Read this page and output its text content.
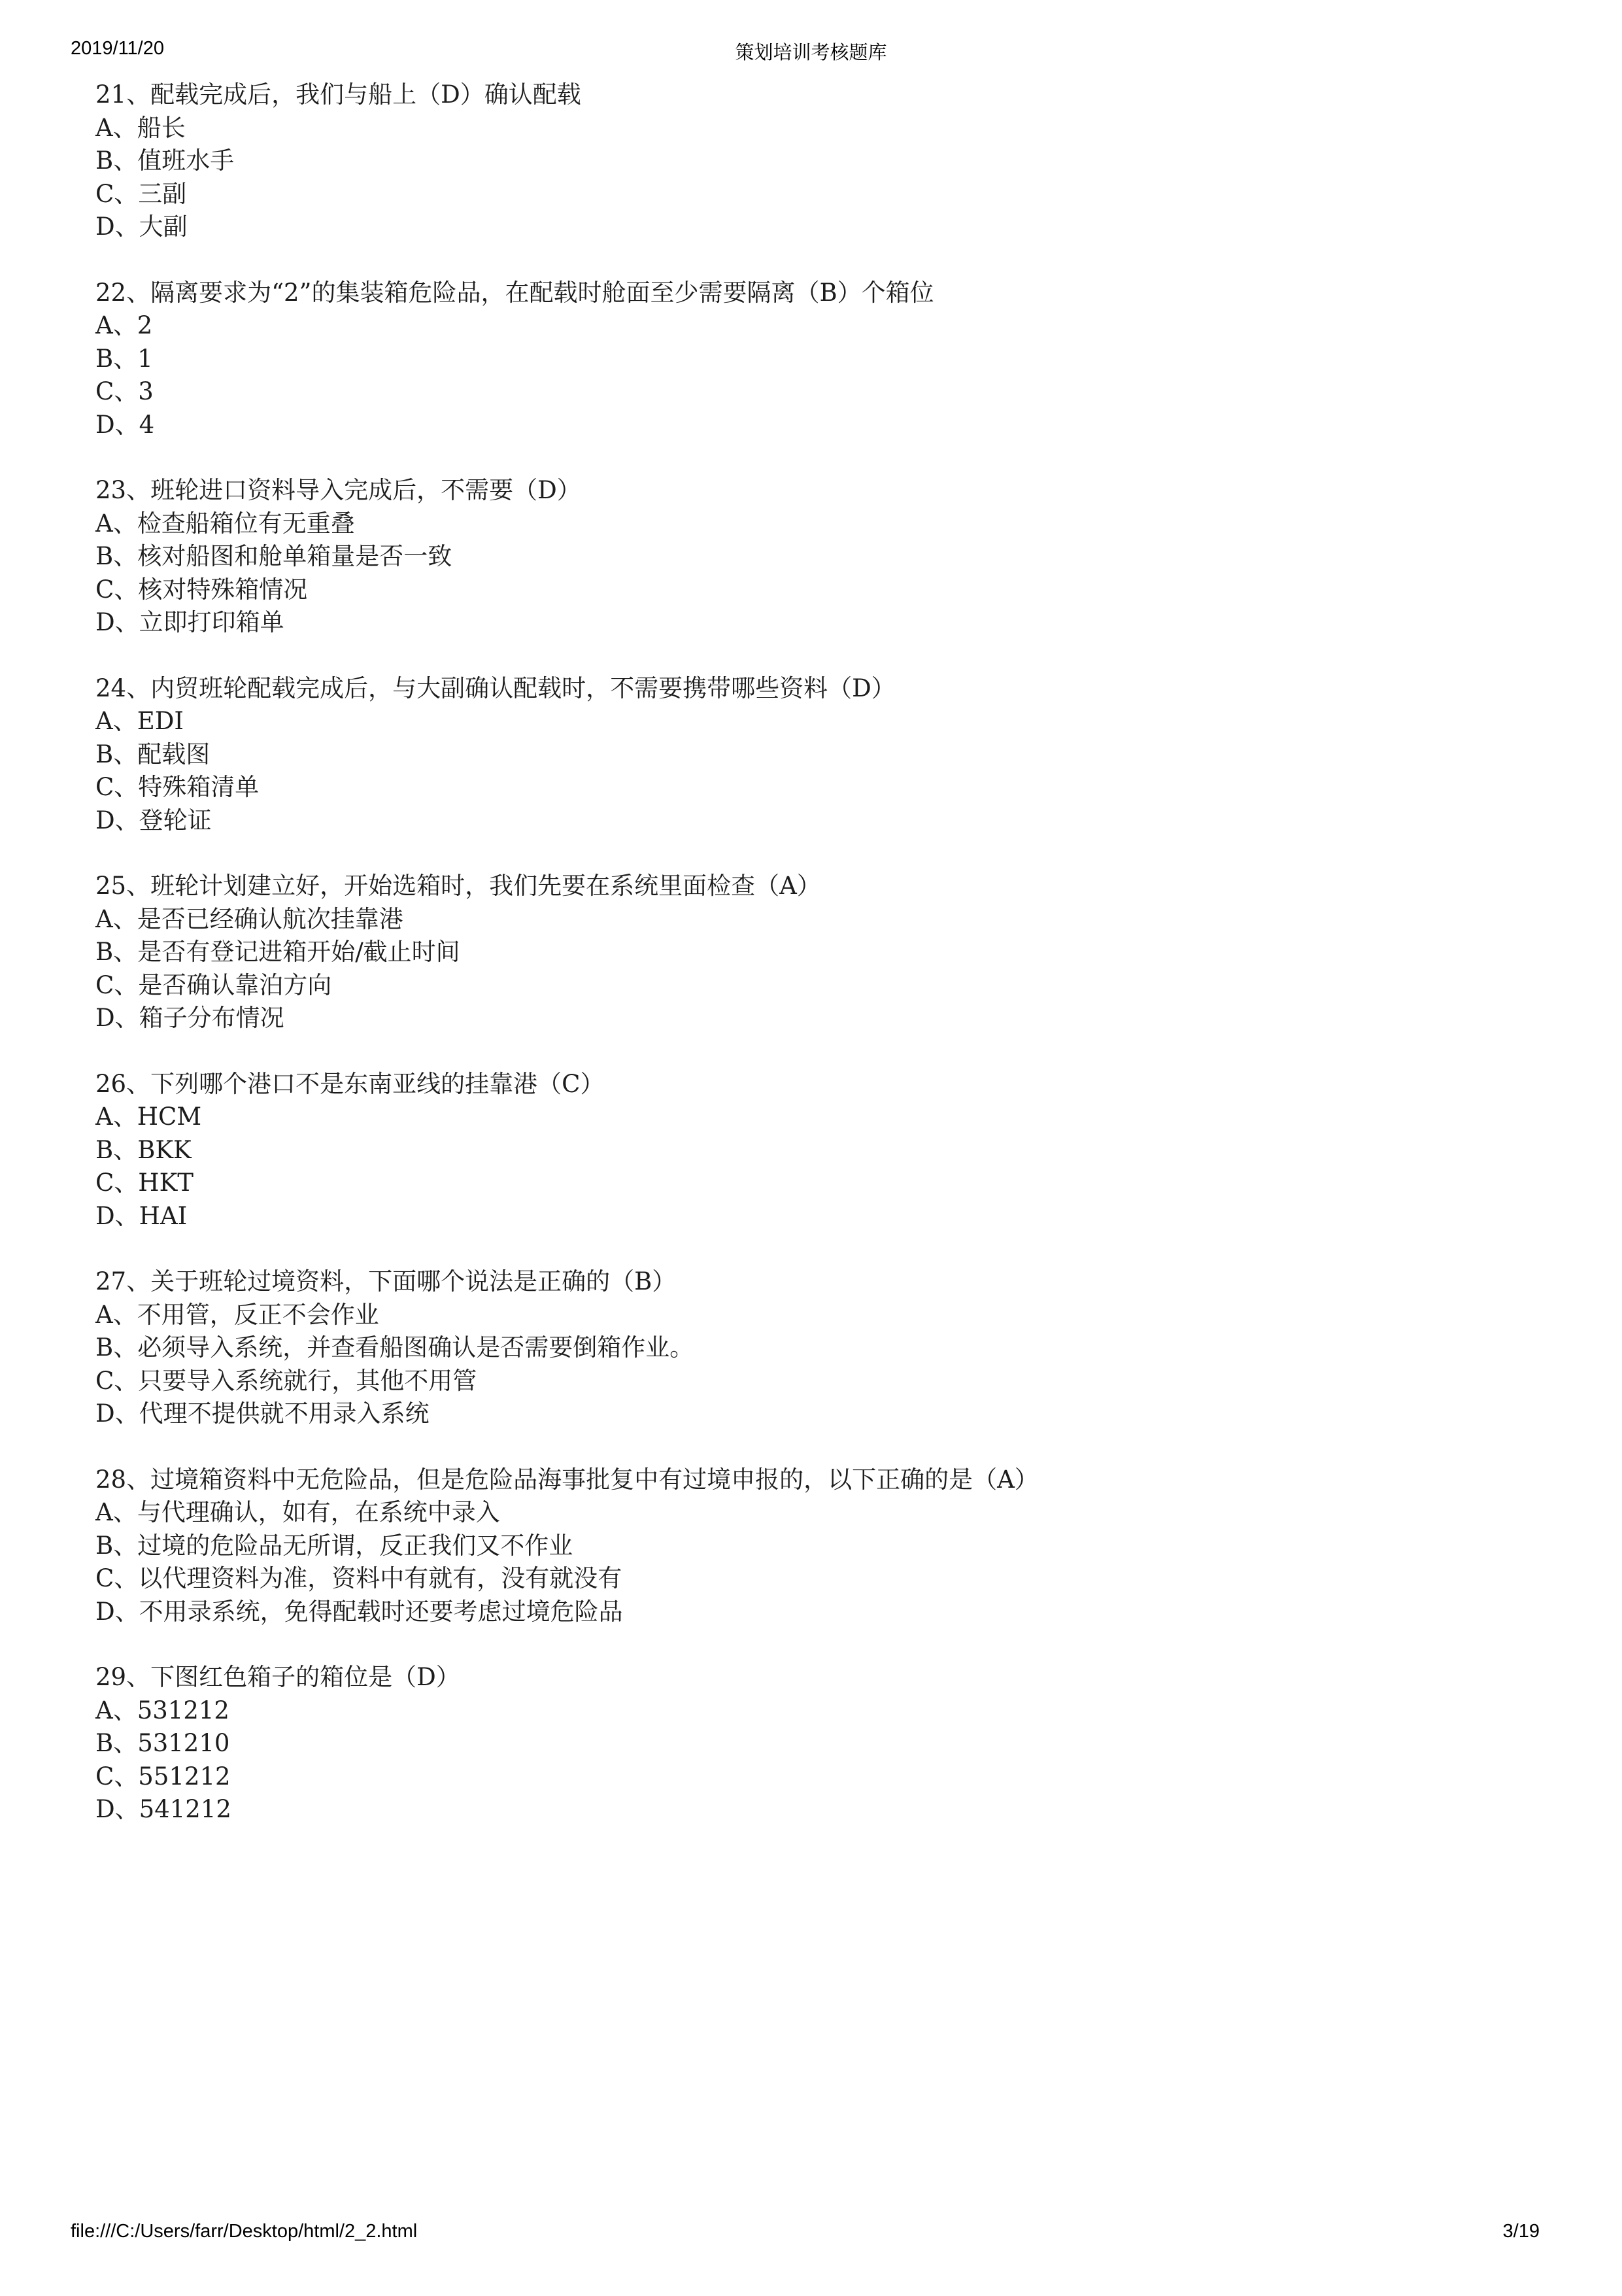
2019/11/20	策划培训考核题库
21、配载完成后，我们与船上（D）确认配载
A、船长
B、值班水手
C、三副
D、大副
22、隔离要求为“2”的集装箱危险品，在配载时舱面至少需要隔离（B）个箱位
A、2
B、1
C、3
D、4
23、班轮进口资料导入完成后，不需要（D）
A、检查船箱位有无重叠
B、核对船图和舱单箱量是否一致
C、核对特殊箱情况
D、立即打印箱单
24、内贸班轮配载完成后，与大副确认配载时，不需要携带哪些资料（D）
A、EDI
B、配载图
C、特殊箱清单
D、登轮证
25、班轮计划建立好，开始选箱时，我们先要在系统里面检查（A）
A、是否已经确认航次挂靠港
B、是否有登记进箱开始/截止时间
C、是否确认靠泊方向
D、箱子分布情况
26、下列哪个港口不是东南亚线的挂靠港（C）
A、HCM
B、BKK
C、HKT
D、HAI
27、关于班轮过境资料，下面哪个说法是正确的（B）
A、不用管，反正不会作业
B、必须导入系统，并查看船图确认是否需要倒箱作业。
C、只要导入系统就行，其他不用管
D、代理不提供就不用录入系统
28、过境箱资料中无危险品，但是危险品海事批复中有过境申报的，以下正确的是（A）
A、与代理确认，如有，在系统中录入
B、过境的危险品无所谓，反正我们又不作业
C、以代理资料为准，资料中有就有，没有就没有
D、不用录系统，免得配载时还要考虑过境危险品
29、下图红色箱子的箱位是（D）
A、531212
B、531210
C、551212
D、541212
file:///C:/Users/farr/Desktop/html/2_2.html	3/19
